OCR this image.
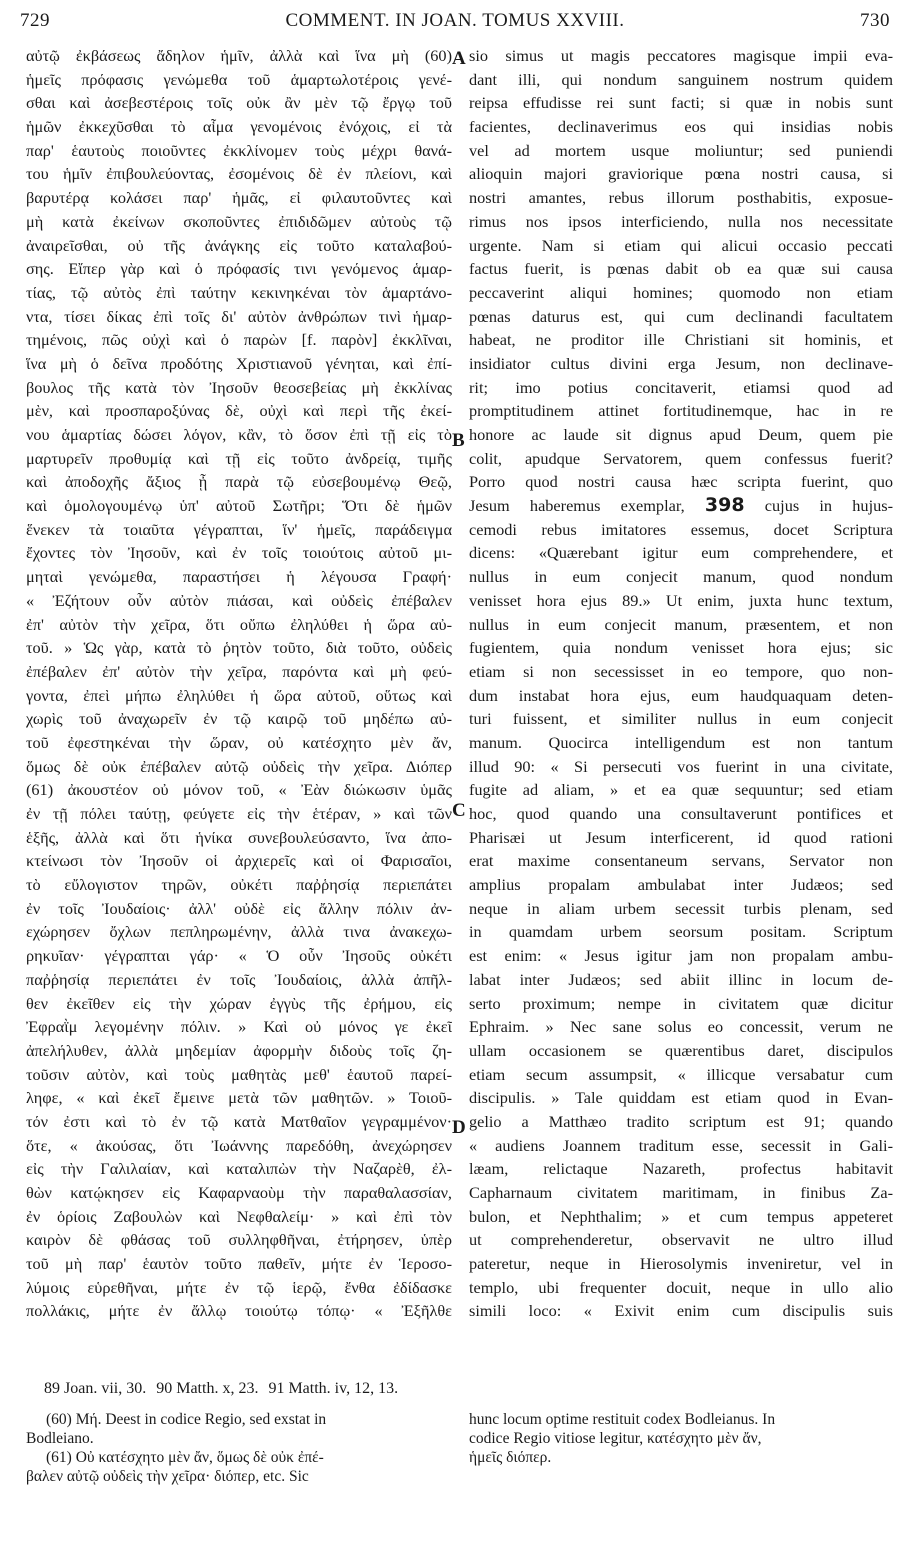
729	COMMENT. IN JOAN. TOMUS XXVIII.	730
αὐτῷ ἐκβάσεως ἄδηλον ἡμῖν, ἀλλὰ καὶ ἵνα μὴ (60)
ἡμεῖς πρόφασις γενώμεθα τοῦ ἁμαρτωλοτέροις γενέ-
σθαι καὶ ἀσεβεστέροις τοῖς οὐκ ἂν μὲν τῷ ἔργῳ τοῦ
ἡμῶν ἐκκεχῦσθαι τὸ αἷμα γενομένοις ἐνόχοις, εἰ τὰ
παρ' ἑαυτοὺς ποιοῦντες ἐκκλίνομεν τοὺς μέχρι θανά-
του ἡμῖν ἐπιβουλεύοντας, ἐσομένοις δὲ ἐν πλείονι, καὶ
βαρυτέρᾳ κολάσει παρ' ἡμᾶς, εἰ φιλαυτοῦντες καὶ
μὴ κατὰ ἐκείνων σκοποῦντες ἐπιδιδῶμεν αὐτοὺς τῷ
ἀναιρεῖσθαι, οὐ τῆς ἀνάγκης εἰς τοῦτο καταλαβού-
σης. Εἴπερ γὰρ καὶ ὁ πρόφασίς τινι γενόμενος ἁμαρ-
τίας, τῷ αὐτὸς ἐπὶ ταύτην κεκινηκέναι τὸν ἁμαρτάνο-
ντα, τίσει δίκας ἐπὶ τοῖς δι' αὐτὸν ἀνθρώπων τινὶ ἡμαρ-
τημένοις, πῶς οὐχὶ καὶ ὁ παρὼν [f. παρὸν] ἐκκλῖναι,
ἵνα μὴ ὁ δεῖνα προδότης Χριστιανοῦ γένηται, καὶ ἐπί-
βουλος τῆς κατὰ τὸν Ἰησοῦν θεοσεβείας μὴ ἐκκλίνας
μὲν, καὶ προσπαροξύνας δὲ, οὐχὶ καὶ περὶ τῆς ἐκεί-
νου ἁμαρτίας δώσει λόγον, κἂν, τὸ ὅσον ἐπὶ τῇ εἰς τὸ
μαρτυρεῖν προθυμίᾳ καὶ τῇ εἰς τοῦτο ἀνδρείᾳ, τιμῆς
καὶ ἀποδοχῆς ἄξιος ᾖ παρὰ τῷ εὐσεβουμένῳ Θεῷ,
καὶ ὁμολογουμένῳ ὑπ' αὐτοῦ Σωτῆρι; Ὅτι δὲ ἡμῶν
ἕνεκεν τὰ τοιαῦτα γέγραπται, ἵν' ἡμεῖς, παράδειγμα
ἔχοντες τὸν Ἰησοῦν, καὶ ἐν τοῖς τοιούτοις αὐτοῦ μι-
μηταὶ γενώμεθα, παραστήσει ἡ λέγουσα Γραφή·
« Ἐζήτουν οὖν αὐτὸν πιάσαι, καὶ οὐδεὶς ἐπέβαλεν
ἐπ' αὐτὸν τὴν χεῖρα, ὅτι οὔπω ἐληλύθει ἡ ὥρα αὐ-
τοῦ. » Ὡς γὰρ, κατὰ τὸ ῥητὸν τοῦτο, διὰ τοῦτο, οὐδεὶς
ἐπέβαλεν ἐπ' αὐτὸν τὴν χεῖρα, παρόντα καὶ μὴ φεύ-
γοντα, ἐπεὶ μήπω ἐληλύθει ἡ ὥρα αὐτοῦ, οὕτως καὶ
χωρὶς τοῦ ἀναχωρεῖν ἐν τῷ καιρῷ τοῦ μηδέπω αὐ-
τοῦ ἐφεστηκέναι τὴν ὥραν, οὐ κατέσχητο μὲν ἄν,
ὅμως δὲ οὐκ ἐπέβαλεν αὐτῷ οὐδεὶς τὴν χεῖρα. Διόπερ
(61) ἀκουστέον οὐ μόνον τοῦ, « Ἐὰν διώκωσιν ὑμᾶς
ἐν τῇ πόλει ταύτῃ, φεύγετε εἰς τὴν ἑτέραν, » καὶ τῶν
ἑξῆς, ἀλλὰ καὶ ὅτι ἡνίκα συνεβουλεύσαντο, ἵνα ἀπο-
κτείνωσι τὸν Ἰησοῦν οἱ ἀρχιερεῖς καὶ οἱ Φαρισαῖοι,
τὸ εὔλογιστον τηρῶν, οὐκέτι παῤῥησίᾳ περιεπάτει
ἐν τοῖς Ἰουδαίοις· ἀλλ' οὐδὲ εἰς ἄλλην πόλιν ἀν-
εχώρησεν ὄχλων πεπληρωμένην, ἀλλὰ τινα ἀνακεχω-
ρηκυῖαν· γέγραπται γάρ· « Ὁ οὖν Ἰησοῦς οὐκέτι
παῤῥησίᾳ περιεπάτει ἐν τοῖς Ἰουδαίοις, ἀλλὰ ἀπῆλ-
θεν ἐκεῖθεν εἰς τὴν χώραν ἐγγὺς τῆς ἐρήμου, εἰς
Ἐφραῒμ λεγομένην πόλιν. » Καὶ οὐ μόνος γε ἐκεῖ
ἀπελήλυθεν, ἀλλὰ μηδεμίαν ἀφορμὴν διδοὺς τοῖς ζη-
τοῦσιν αὐτὸν, καὶ τοὺς μαθητὰς μεθ' ἑαυτοῦ παρεί-
ληφε, « καὶ ἐκεῖ ἔμεινε μετὰ τῶν μαθητῶν. » Τοιοῦ-
τόν ἐστι καὶ τὸ ἐν τῷ κατὰ Ματθαῖον γεγραμμένον·
ὅτε, « ἀκούσας, ὅτι Ἰωάννης παρεδόθη, ἀνεχώρησεν
εἰς τὴν Γαλιλαίαν, καὶ καταλιπὼν τὴν Ναζαρὲθ, ἐλ-
θὼν κατῴκησεν εἰς Καφαρναοὺμ τὴν παραθαλασσίαν,
ἐν ὁρίοις Ζαβουλὼν καὶ Νεφθαλείμ· » καὶ ἐπὶ τὸν
καιρὸν δὲ φθάσας τοῦ συλληφθῆναι, ἐτήρησεν, ὑπὲρ
τοῦ μὴ παρ' ἑαυτὸν τοῦτο παθεῖν, μήτε ἐν Ἱεροσο-
λύμοις εὑρεθῆναι, μήτε ἐν τῷ ἱερῷ, ἔνθα ἐδίδασκε
πολλάκις, μήτε ἐν ἄλλῳ τοιούτῳ τόπῳ· « Ἐξῆλθε
sio simus ut magis peccatores magisque impii eva-
dant illi, qui nondum sanguinem nostrum quidem
reipsa effudisse rei sunt facti; si quæ in nobis sunt
facientes, declinaverimus eos qui insidias nobis
vel ad mortem usque moliuntur; sed puniendi
alioquin majori graviorique pœna nostri causa, si
nostri amantes, rebus illorum posthabitis, exposue-
rimus nos ipsos interficiendo, nulla nos necessitate
urgente. Nam si etiam qui alicui occasio peccati
factus fuerit, is pœnas dabit ob ea quæ sui causa
peccaverint aliqui homines; quomodo non etiam
pœnas daturus est, qui cum declinandi facultatem
habeat, ne proditor ille Christiani sit hominis, et
insidiator cultus divini erga Jesum, non declinave-
rit; imo potius concitaverit, etiamsi quod ad
promptitudinem attinet fortitudinemque, hac in re
honore ac laude sit dignus apud Deum, quem pie
colit, apudque Servatorem, quem confessus fuerit?
Porro quod nostri causa hæc scripta fuerint, quo
Jesum haberemus exemplar, 398 cujus in hujus-
cemodi rebus imitatores essemus, docet Scriptura
dicens: «Quærebant igitur eum comprehendere, et
nullus in eum conjecit manum, quod nondum
venisset hora ejus 89.» Ut enim, juxta hunc textum,
nullus in eum conjecit manum, præsentem, et non
fugientem, quia nondum venisset hora ejus; sic
etiam si non secessisset in eo tempore, quo non-
dum instabat hora ejus, eum haudquaquam deten-
turi fuissent, et similiter nullus in eum conjecit
manum. Quocirca intelligendum est non tantum
illud 90: « Si persecuti vos fuerint in una civitate,
fugite ad aliam, » et ea quæ sequuntur; sed etiam
hoc, quod quando una consultaverunt pontifices et
Pharisæi ut Jesum interficerent, id quod rationi
erat maxime consentaneum servans, Servator non
amplius propalam ambulabat inter Judæos; sed
neque in aliam urbem secessit turbis plenam, sed
in quamdam urbem seorsum positam. Scriptum
est enim: « Jesus igitur jam non propalam ambu-
labat inter Judæos; sed abiit illinc in locum de-
serto proximum; nempe in civitatem quæ dicitur
Ephraim. » Nec sane solus eo concessit, verum ne
ullam occasionem se quærentibus daret, discipulos
etiam secum assumpsit, « illicque versabatur cum
discipulis. » Tale quiddam est etiam quod in Evan-
gelio a Matthæo tradito scriptum est 91; quando
« audiens Joannem traditum esse, secessit in Gali-
læam, relictaque Nazareth, profectus habitavit
Capharnaum civitatem maritimam, in finibus Za-
bulon, et Nephthalim; » et cum tempus appeteret
ut comprehenderetur, observavit ne ultro illud
pateretur, neque in Hierosolymis inveniretur, vel in
templo, ubi frequenter docuit, neque in ullo alio
simili loco: « Exivit enim cum discipulis suis
A
B
C
D
89 Joan. vii, 30. 90 Matth. x, 23. 91 Matth. iv, 12, 13.
(60) Μή. Deest in codice Regio, sed exstat in
Bodleiano.
(61) Οὐ κατέσχητο μὲν ἄν, ὅμως δὲ οὐκ ἐπέ-
βαλεν αὐτῷ οὐδεὶς τὴν χεῖρα· διόπερ, etc. Sic
hunc locum optime restituit codex Bodleianus. In
codice Regio vitiose legitur, κατέσχητο μὲν ἄν,
ἡμεῖς διόπερ.
